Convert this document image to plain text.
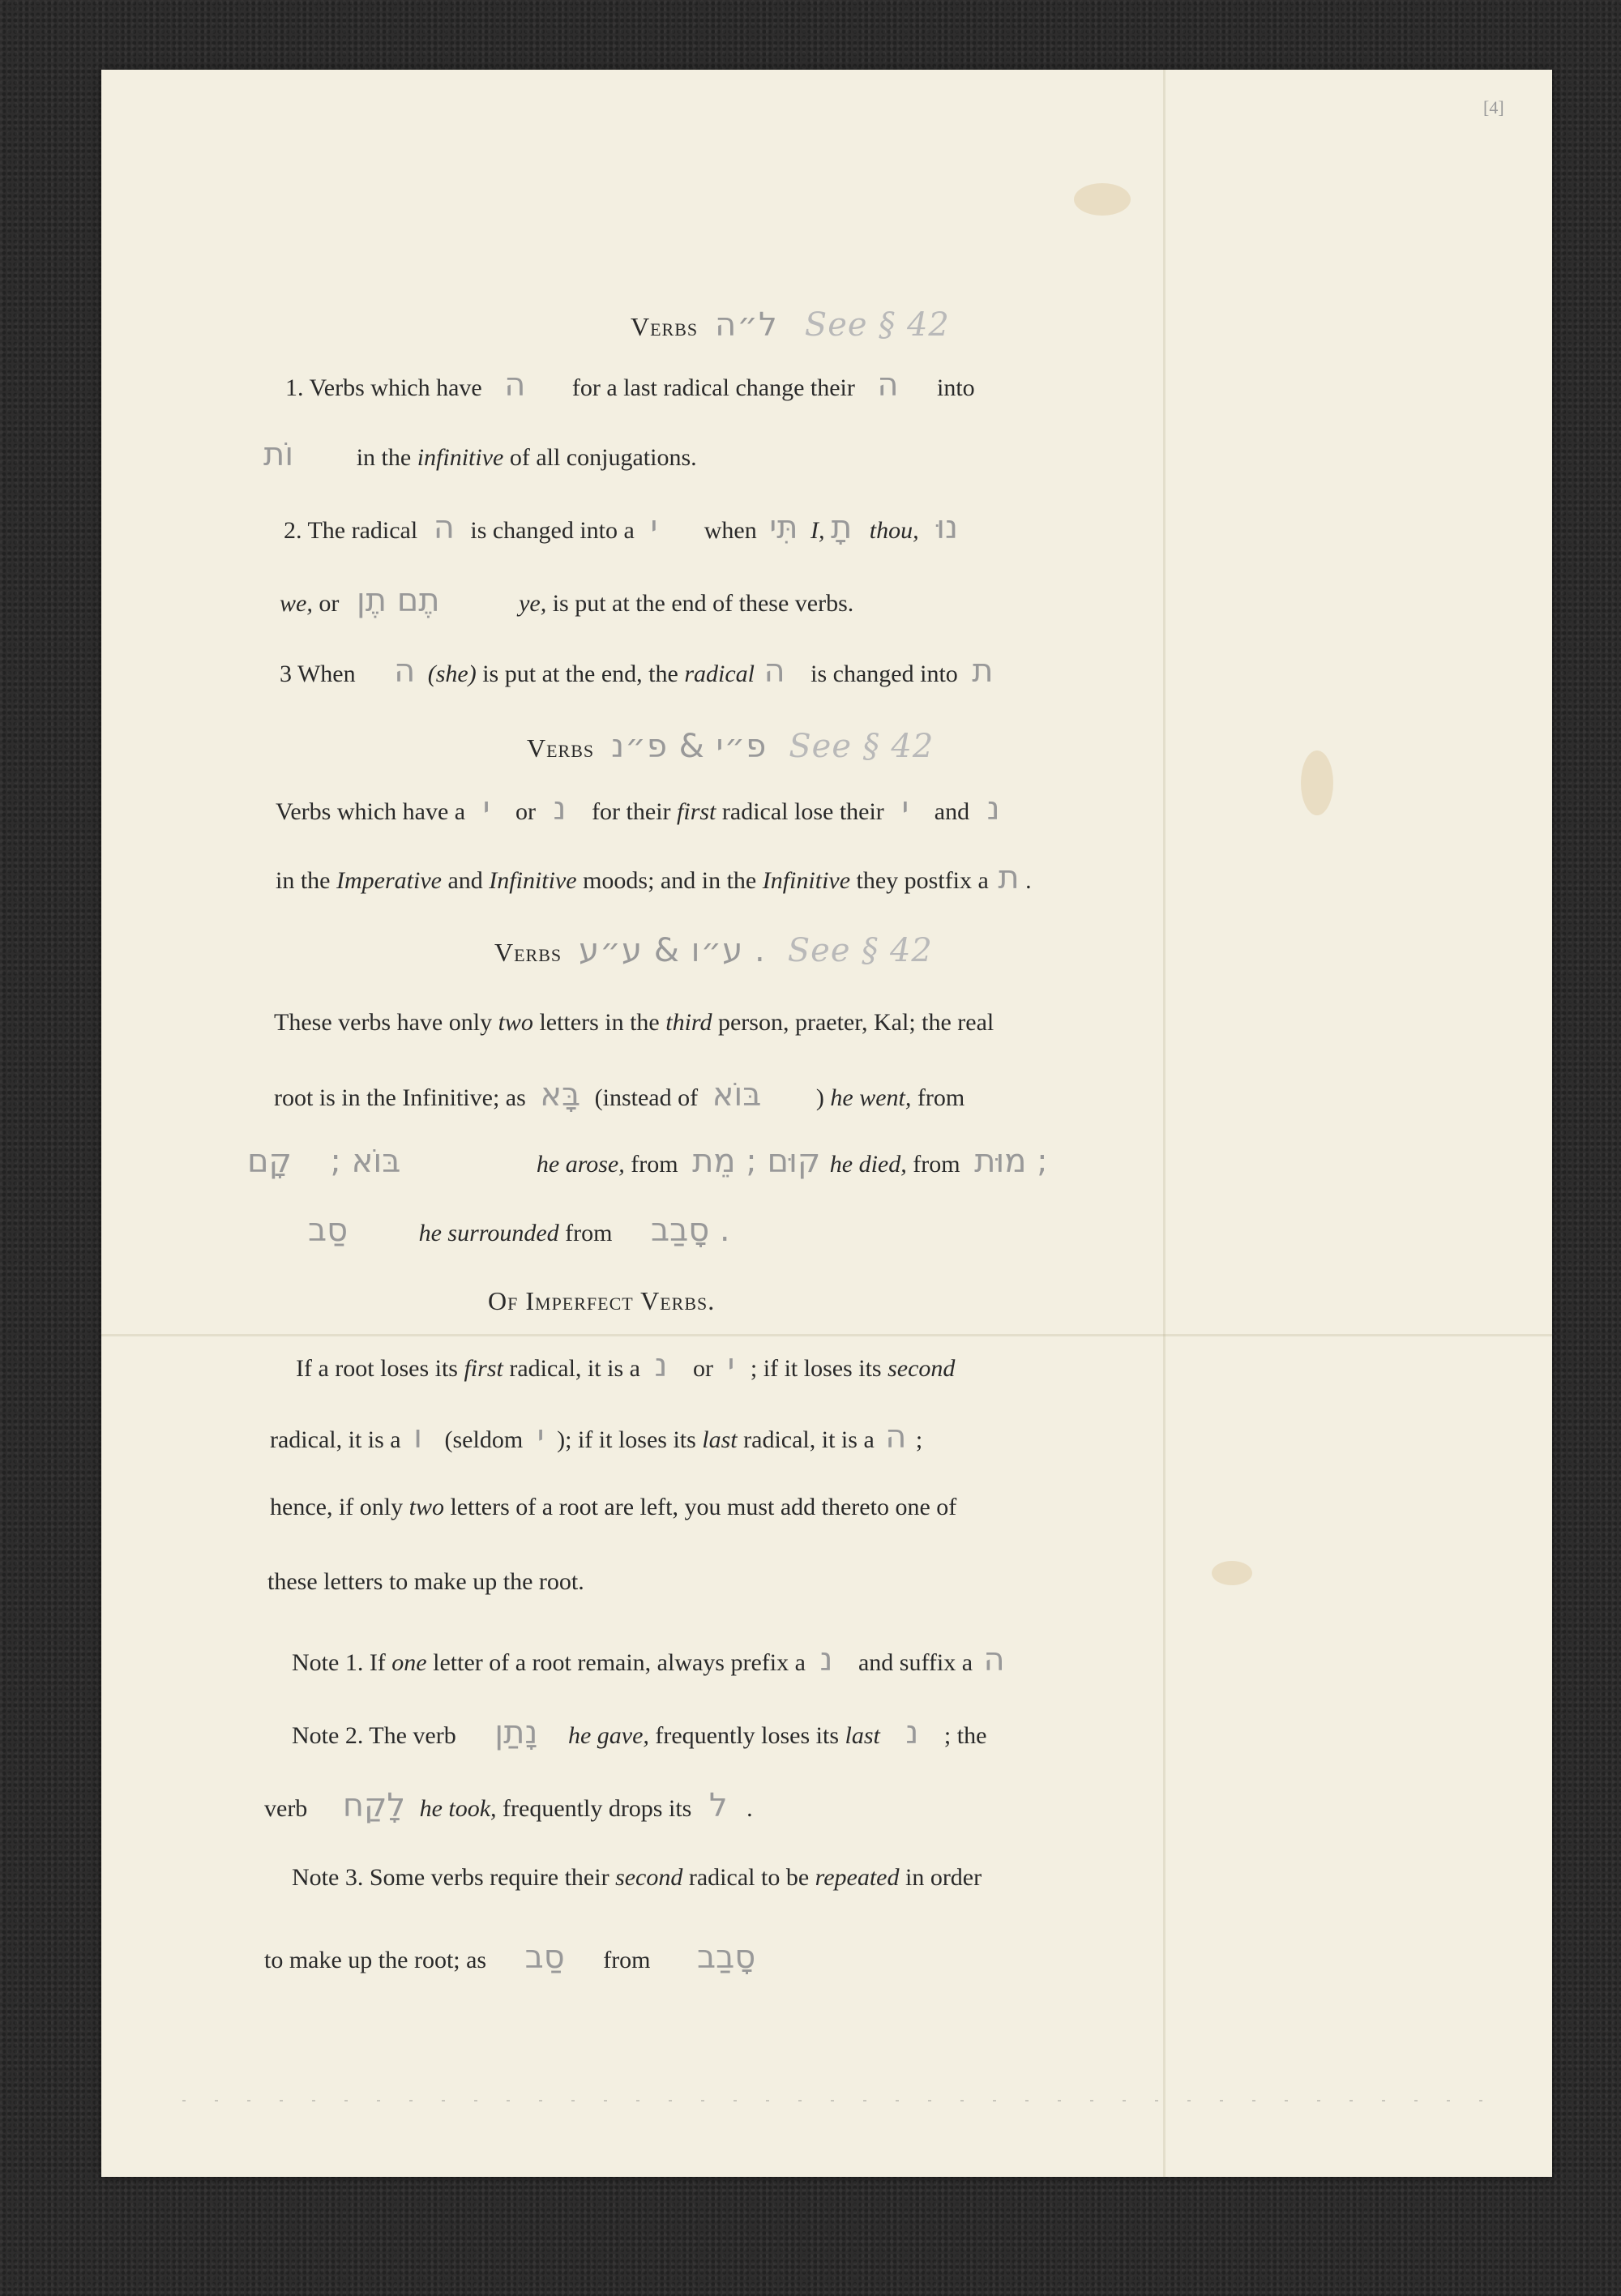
[4]
Verbs ל״ה See § 42
1. Verbs which have ה for a last radical change their ה into
וֹת	in the infinitive of all conjugations.
2. The radical ה is changed into a י when תִּי I, תָ thou, נוּ
we, or תֶם תֶן	ye, is put at the end of these verbs.
3 When ה (she) is put at the end, the radical ה is changed into ת
Verbs פ״י & פ״נ See § 42
Verbs which have a י or נ for their first radical lose their י and נ
in the Imperative and Infinitive moods; and in the Infinitive they postfix a ת .
Verbs ע״ו & ע״ע . See § 42
These verbs have only two letters in the third person, praeter, Kal; the real
root is in the Infinitive; as בָּא (instead of בּוֹא ) he went, from
בּוֹא ; קָם	he arose, from קוּם ; מֵת he died, from מוּת ;
סַב	he surrounded from סָבַב .
Of Imperfect Verbs.
If a root loses its first radical, it is a נ or י ; if it loses its second
radical, it is a ו (seldom י ); if it loses its last radical, it is a ה ;
hence, if only two letters of a root are left, you must add thereto one of
these letters to make up the root.
Note 1. If one letter of a root remain, always prefix a נ and suffix a ה
Note 2. The verb נָתַן he gave, frequently loses its last נ ; the
verb לָקַח he took, frequently drops its ל .
Note 3. Some verbs require their second radical to be repeated in order
to make up the root; as סַב from סָבַב
